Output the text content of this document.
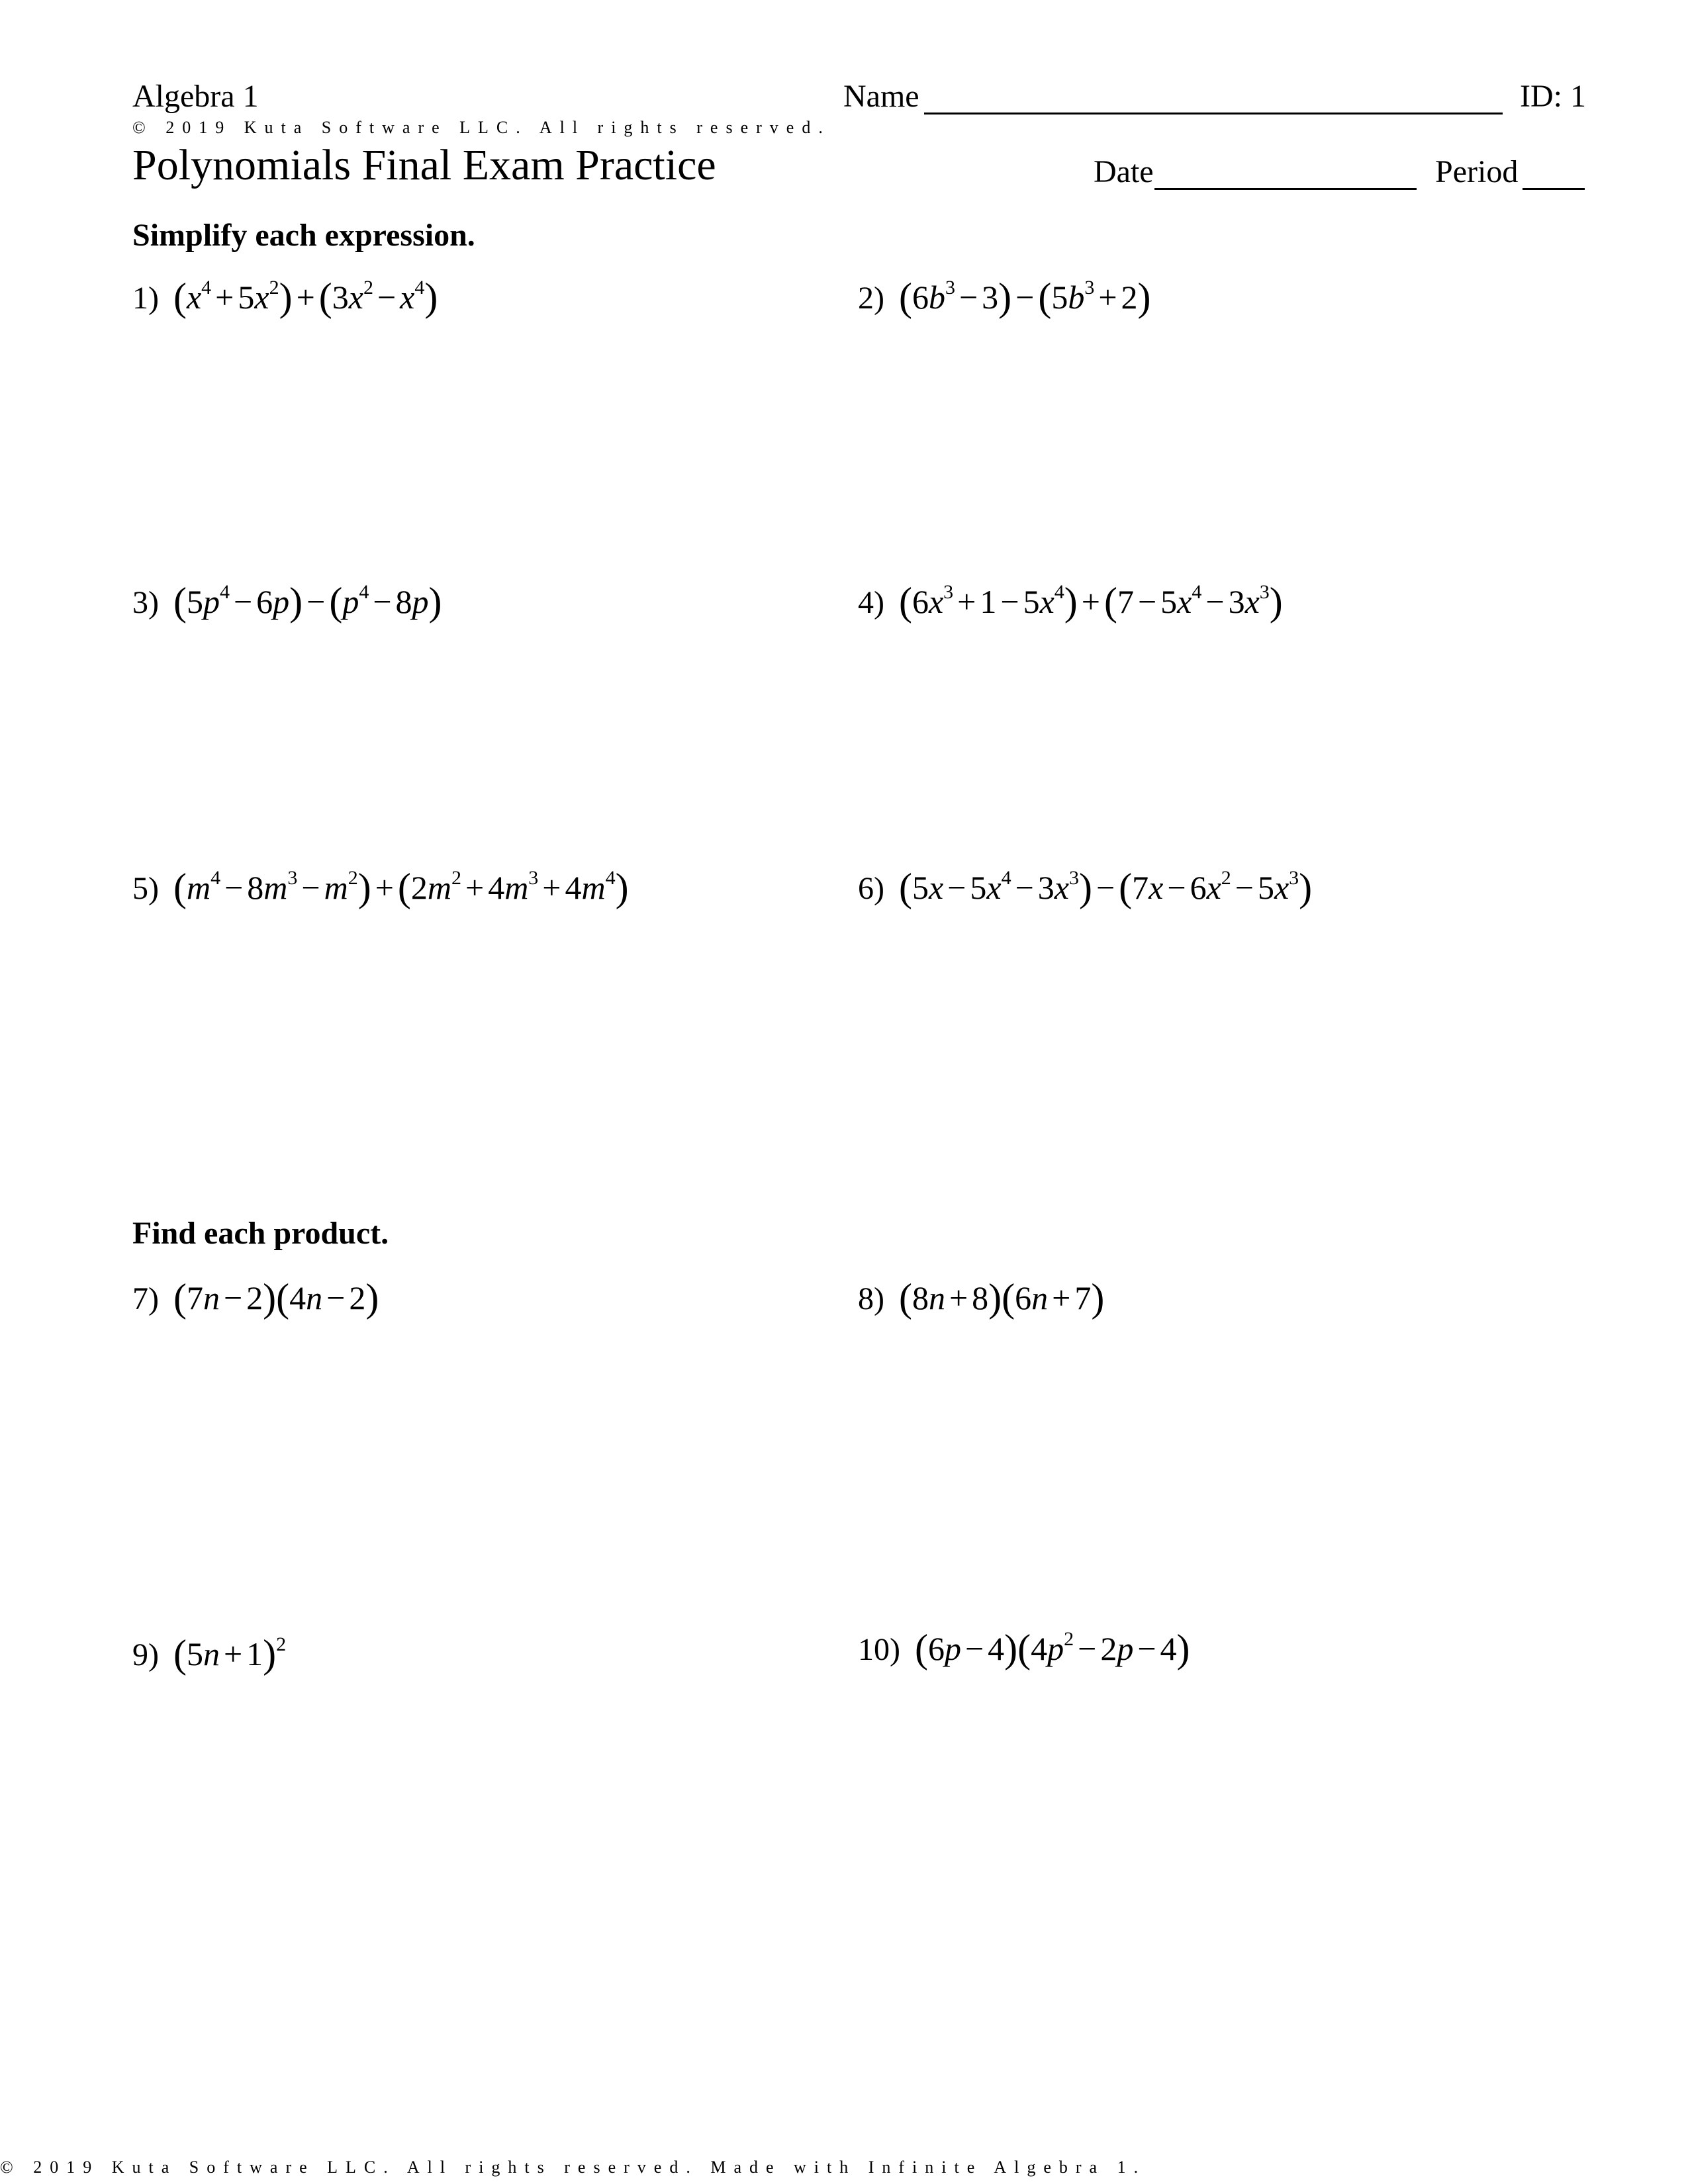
Algebra 1	Name	ID: 1
© 2019 Kuta Software LLC. All rights reserved.
Polynomials Final Exam Practice	Date	Period
Simplify each expression.
1) $(x^4 + 5x^2) + (3x^2 - x^4)$	2) $(6b^3 - 3) - (5b^3 + 2)$
3) $(5p^4 - 6p) - (p^4 - 8p)$	4) $(6x^3 + 1 - 5x^4) + (7 - 5x^4 - 3x^3)$
5) $(m^4 - 8m^3 - m^2) + (2m^2 + 4m^3 + 4m^4)$	6) $(5x - 5x^4 - 3x^3) - (7x - 6x^2 - 5x^3)$
Find each product.
7) (7n − 2)(4n − 2)	8) (8n + 8)(6n + 7)
9) $(5n + 1)^2$	10) $(6p - 4)(4p^2 - 2p - 4)$
© 2019 Kuta Software LLC. All rights reserved. Made with Infinite Algebra 1.
